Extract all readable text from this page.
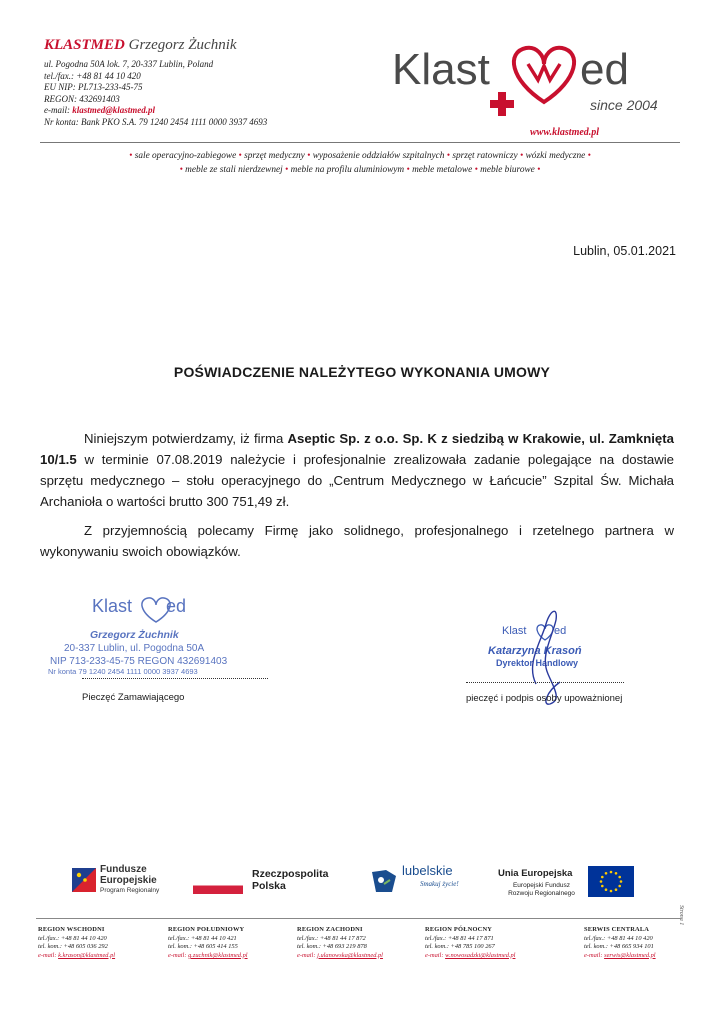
KLASTMED Grzegorz Żuchnik
ul. Pogodna 50A lok. 7, 20-337 Lublin, Poland
tel./fax.: +48 81 44 10 420
EU NIP: PL713-233-45-75
REGON: 432691403
e-mail: klastmed@klastmed.pl
Nr konta: Bank PKO S.A. 79 1240 2454 1111 0000 3937 4693
Klast ed
since 2004
www.klastmed.pl
• sale operacyjno-zabiegowe • sprzęt medyczny • wyposażenie oddziałów szpitalnych • sprzęt ratowniczy • wózki medyczne •
• meble ze stali nierdzewnej • meble na profilu aluminiowym • meble metalowe • meble biurowe •
Lublin, 05.01.2021
POŚWIADCZENIE NALEŻYTEGO WYKONANIA UMOWY
Niniejszym potwierdzamy, iż firma Aseptic Sp. z o.o. Sp. K z siedzibą w Krakowie, ul. Zamknięta 10/1.5 w terminie 07.08.2019 należycie i profesjonalnie zrealizowała zadanie polegające na dostawie sprzętu medycznego – stołu operacyjnego do „Centrum Medycznego w Łańcucie” Szpital Św. Michała Archanioła o wartości brutto 300 751,49 zł.
Z przyjemnością polecamy Firmę jako solidnego, profesjonalnego i rzetelnego partnera w wykonywaniu swoich obowiązków.
Klast ed
Grzegorz Żuchnik
20-337 Lublin, ul. Pogodna 50A
NIP 713-233-45-75 REGON 432691403
Nr konta 79 1240 2454 1111 0000 3937 4693
Pieczęć Zamawiającego
Klast	ed
Katarzyna Krasoń
Dyrektor Handlowy
pieczęć i podpis osoby upoważnionej
Fundusze
Europejskie
Program Regionalny
Rzeczpospolita
Polska
lubelskie
Smakuj życie!
Unia Europejska
Europejski Fundusz
Rozwoju Regionalnego
Strona 1
REGION WSCHODNI
tel./fax.: +48 81 44 10 420
tel. kom.: +48 605 036 292
e-mail: k.krason@klastmed.pl
REGION POŁUDNIOWY
tel./fax.: +48 81 44 10 421
tel. kom.: +48 605 414 155
e-mail: g.zuchnik@klastmed.pl
REGION ZACHODNI
tel./fax.: +48 81 44 17 872
tel. kom.: +48 693 219 878
e-mail: j.ulanowska@klastmed.pl
REGION PÓŁNOCNY
tel./fax.: +48 81 44 17 871
tel. kom.: +48 785 100 267
e-mail: w.nowosadzki@klastmed.pl
SERWIS CENTRALA
tel./fax.: +48 81 44 10 420
tel. kom.: +48 665 934 101
e-mail: serwis@klastmed.pl
